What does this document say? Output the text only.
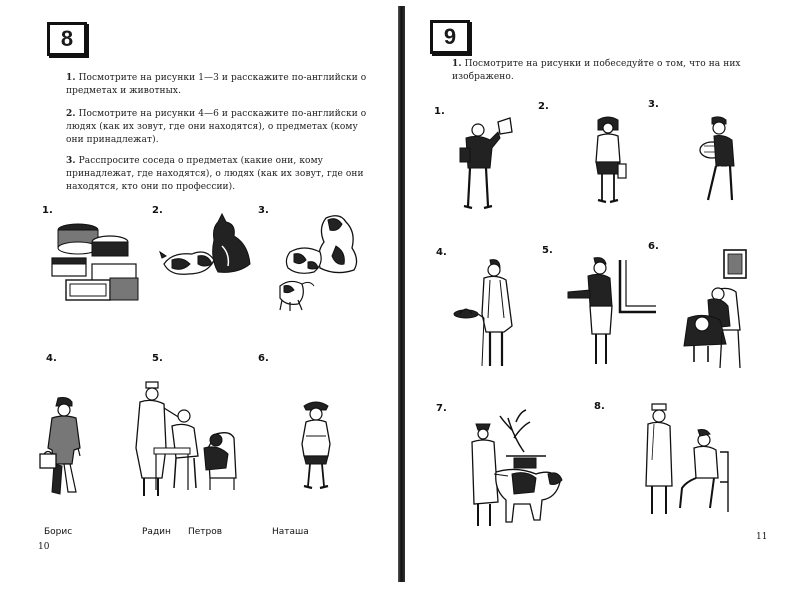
8
1. Посмотрите на рисунки 1—3 и расскажите по-английски о предметах и животных.
2. Посмотрите на рисунки 4—6 и расскажите по-английски о людях (как их зовут, где они находятся), о предметах (кому они принадлежат).
3. Расспросите соседа о предметах (какие они, кому принадлежат, где находятся), о людях (как их зовут, где они находятся, кто они по профессии).
1.	2.	3.
4.	5.	6.
Борис	Радин Петров	Наташа
10
9
1. Посмотрите на рисунки и побеседуйте о том, что на них изображено.
1.	2.	3.
4.	5.	6.
7.	8.
11
